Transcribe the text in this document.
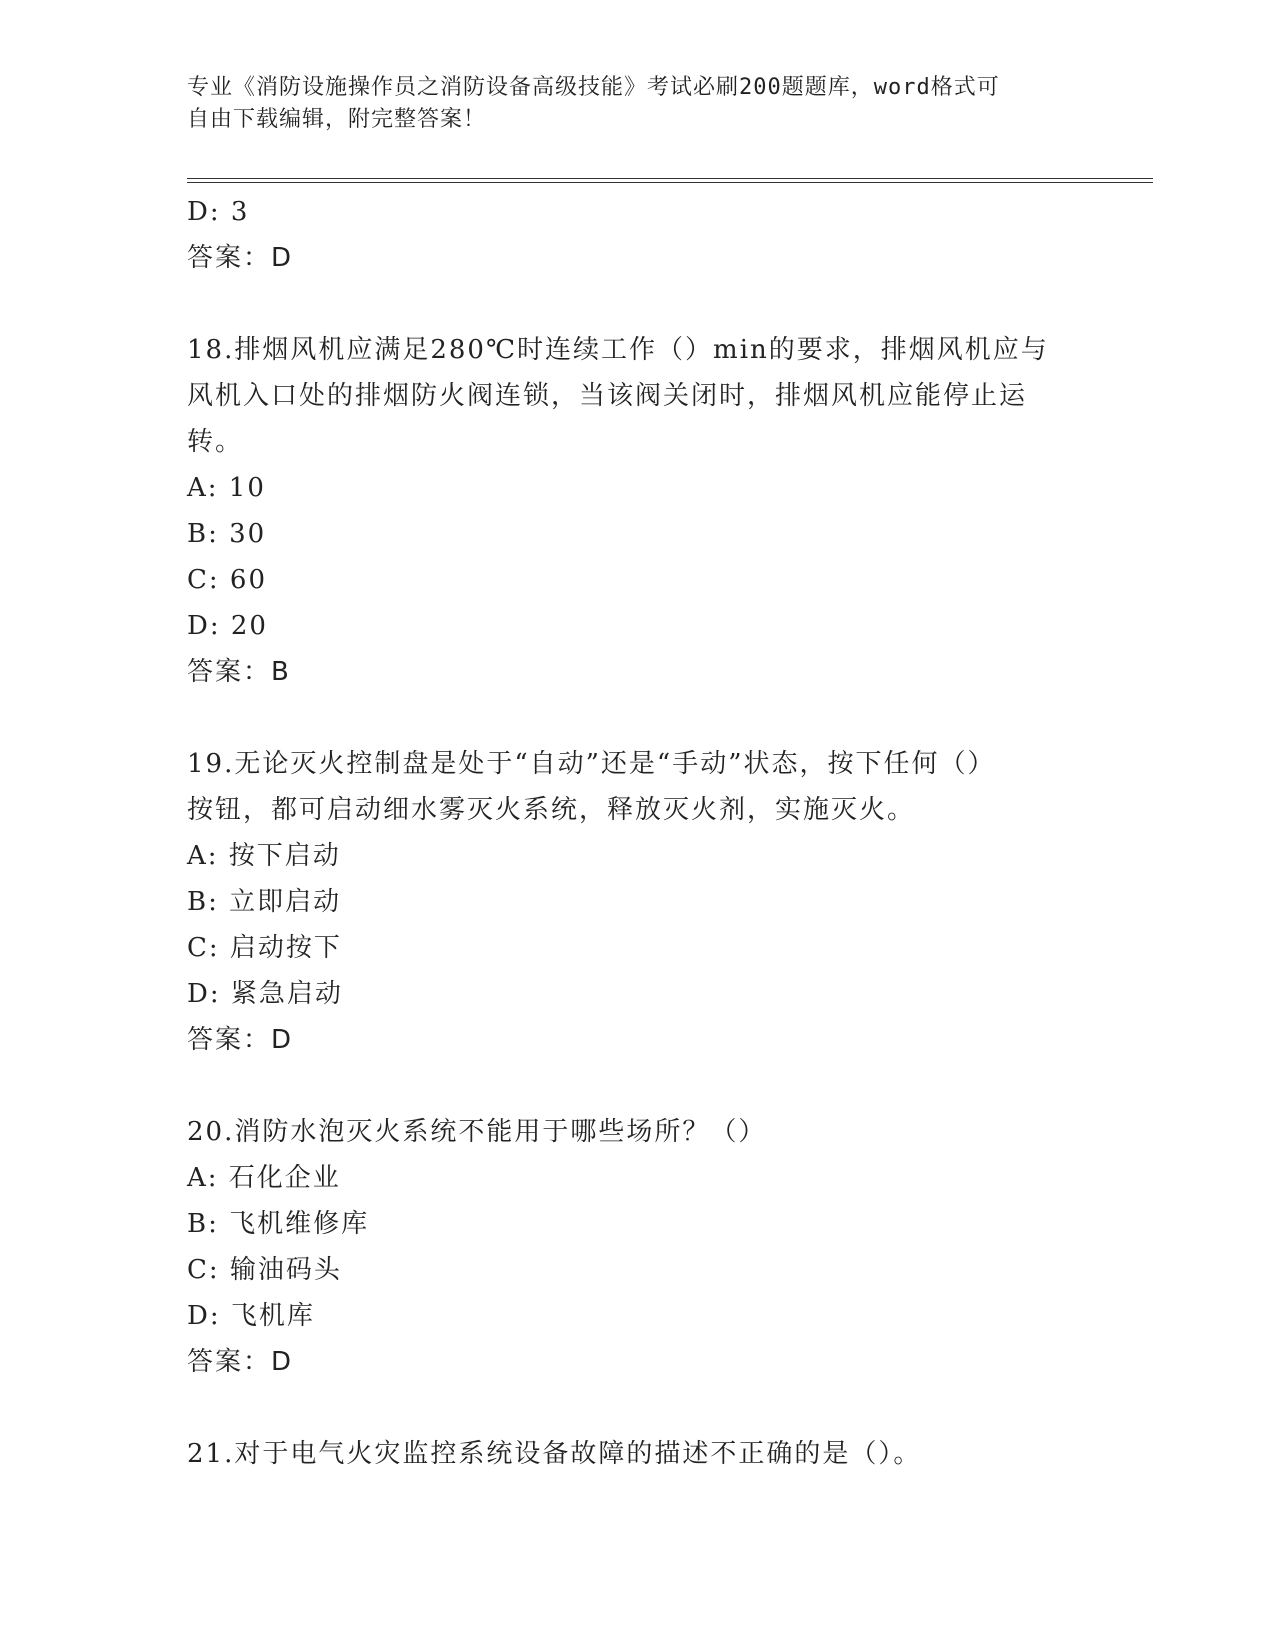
专业《消防设施操作员之消防设备高级技能》考试必刷200题题库，word格式可
自由下载编辑，附完整答案！
D: 3
答案：D
18.排烟风机应满足280℃时连续工作（）min的要求，排烟风机应与
风机入口处的排烟防火阀连锁，当该阀关闭时，排烟风机应能停止运
转。
A: 10
B: 30
C: 60
D: 20
答案：B
19.无论灭火控制盘是处于“自动”还是“手动”状态，按下任何（）
按钮，都可启动细水雾灭火系统，释放灭火剂，实施灭火。
A: 按下启动
B: 立即启动
C: 启动按下
D: 紧急启动
答案：D
20.消防水泡灭火系统不能用于哪些场所？（）
A: 石化企业
B: 飞机维修库
C: 输油码头
D: 飞机库
答案：D
21.对于电气火灾监控系统设备故障的描述不正确的是（）。
